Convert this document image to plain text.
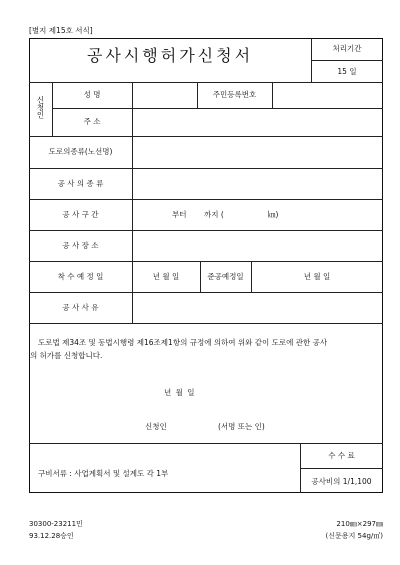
[별지 제15호 서식]
공사시행허가신청서	처리기간
15 일
신청인
성 명	주민등록번호
주 소
도로의종류(노선명)
공 사 의 종 류
공 사 구 간	부터 까지 (	㎞)
공 사 장 소
착 수 예 정 일	년 월 일	준공예정일	년 월 일
공 사 사 유
도로법 제34조 및 동법시행령 제16조제1항의 규정에 의하여 위와 같이 도로에 관한 공사
의 허가를 신청합니다.
년 월 일
신청인	(서명 또는 인)
구비서류 : 사업계획서 및 설계도 각 1부
수 수 료
공사비의 1/1,100
30300-23211민
93.12.28승인
210㎜×297㎜
(신문용지 54g/㎡)
